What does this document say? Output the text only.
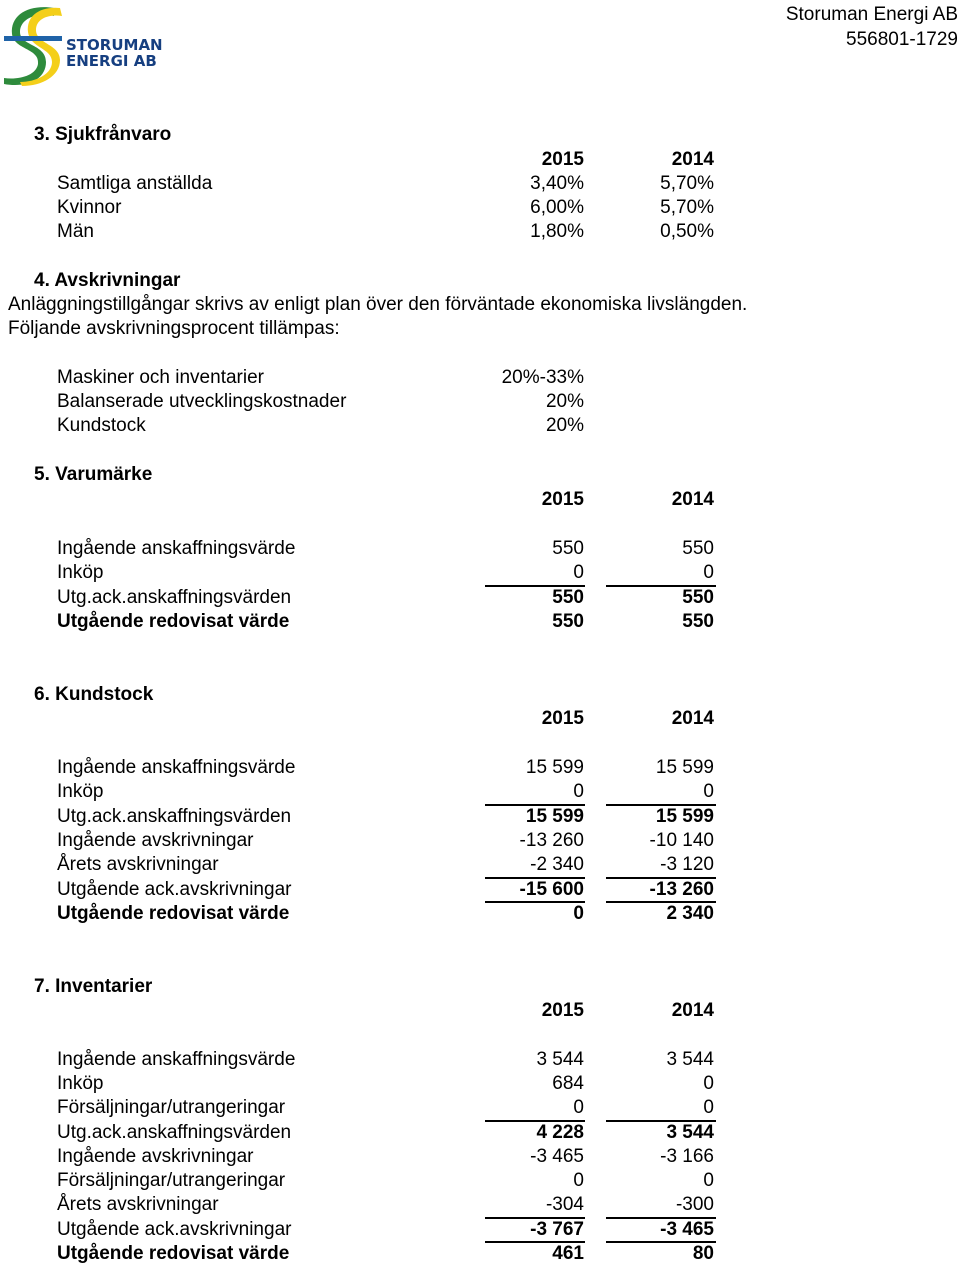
STORUMAN
ENERGI AB
Storuman Energi AB
556801-1729
3. Sjukfrånvaro
2015	2014
Samtliga anställda	3,40%	5,70%
Kvinnor	6,00%	5,70%
Män	1,80%	0,50%
4. Avskrivningar
Anläggningstillgångar skrivs av enligt plan över den förväntade ekonomiska livslängden.
Följande avskrivningsprocent tillämpas:
Maskiner och inventarier	20%-33%
Balanserade utvecklingskostnader	20%
Kundstock	20%
5. Varumärke
2015	2014
Ingående anskaffningsvärde	550	550
Inköp	0	0
Utg.ack.anskaffningsvärden	550	550
Utgående redovisat värde	550	550
6. Kundstock
2015	2014
Ingående anskaffningsvärde	15 599	15 599
Inköp	0	0
Utg.ack.anskaffningsvärden	15 599	15 599
Ingående avskrivningar	-13 260	-10 140
Årets avskrivningar	-2 340	-3 120
Utgående ack.avskrivningar	-15 600	-13 260
Utgående redovisat värde	0	2 340
7. Inventarier
2015	2014
Ingående anskaffningsvärde	3 544	3 544
Inköp	684	0
Försäljningar/utrangeringar	0	0
Utg.ack.anskaffningsvärden	4 228	3 544
Ingående avskrivningar	-3 465	-3 166
Försäljningar/utrangeringar	0	0
Årets avskrivningar	-304	-300
Utgående ack.avskrivningar	-3 767	-3 465
Utgående redovisat värde	461	80
